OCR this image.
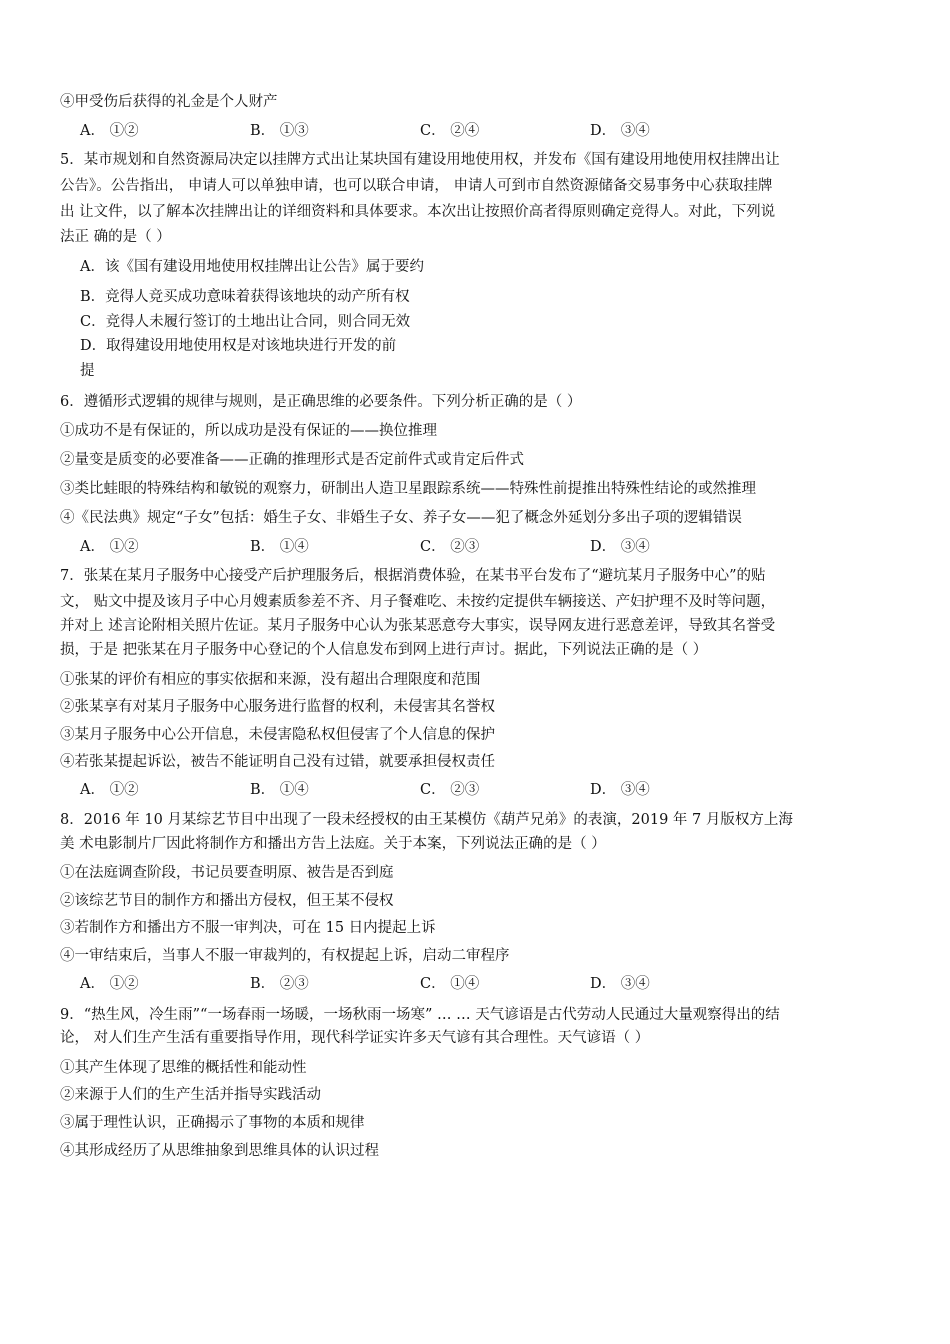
④甲受伤后获得的礼金是个人财产
A． ①②	B． ①③	C． ②④	D． ③④
5．某市规划和自然资源局决定以挂牌方式出让某块国有建设用地使用权，并发布《国有建设用地使用权挂牌出让
公告》。公告指出， 申请人可以单独申请，也可以联合申请， 申请人可到市自然资源储备交易事务中心获取挂牌
出 让文件，以了解本次挂牌出让的详细资料和具体要求。本次出让按照价高者得原则确定竞得人。对此，下列说
法正 确的是（ ）
A．该《国有建设用地使用权挂牌出让公告》属于要约
B．竞得人竞买成功意味着获得该地块的动产所有权
C．竞得人未履行签订的土地出让合同，则合同无效
D．取得建设用地使用权是对该地块进行开发的前
提
6．遵循形式逻辑的规律与规则，是正确思维的必要条件。下列分析正确的是（ ）
①成功不是有保证的，所以成功是没有保证的——换位推理
②量变是质变的必要准备——正确的推理形式是否定前件式或肯定后件式
③类比蛙眼的特殊结构和敏锐的观察力，研制出人造卫星跟踪系统——特殊性前提推出特殊性结论的或然推理
④《民法典》规定“子女”包括：婚生子女、非婚生子女、养子女——犯了概念外延划分多出子项的逻辑错误
A． ①②	B． ①④	C． ②③	D． ③④
7．张某在某月子服务中心接受产后护理服务后，根据消费体验，在某书平台发布了“避坑某月子服务中心”的贴
文， 贴文中提及该月子中心月嫂素质参差不齐、月子餐难吃、未按约定提供车辆接送、产妇护理不及时等问题，
并对上 述言论附相关照片佐证。某月子服务中心认为张某恶意夸大事实，误导网友进行恶意差评，导致其名誉受
损，于是 把张某在月子服务中心登记的个人信息发布到网上进行声讨。据此，下列说法正确的是（ ）
①张某的评价有相应的事实依据和来源，没有超出合理限度和范围
②张某享有对某月子服务中心服务进行监督的权利，未侵害其名誉权
③某月子服务中心公开信息，未侵害隐私权但侵害了个人信息的保护
④若张某提起诉讼，被告不能证明自己没有过错，就要承担侵权责任
A． ①②	B． ①④	C． ②③	D． ③④
8．2016 年 10 月某综艺节目中出现了一段未经授权的由王某模仿《葫芦兄弟》的表演，2019 年 7 月版权方上海
美 术电影制片厂因此将制作方和播出方告上法庭。关于本案，下列说法正确的是（ ）
①在法庭调查阶段，书记员要查明原、被告是否到庭
②该综艺节目的制作方和播出方侵权，但王某不侵权
③若制作方和播出方不服一审判决，可在 15 日内提起上诉
④一审结束后，当事人不服一审裁判的，有权提起上诉，启动二审程序
A． ①②	B． ②③	C． ①④	D． ③④
9．“热生风，冷生雨”“一场春雨一场暖，一场秋雨一场寒” … … 天气谚语是古代劳动人民通过大量观察得出的结
论， 对人们生产生活有重要指导作用，现代科学证实许多天气谚有其合理性。天气谚语（ ）
①其产生体现了思维的概括性和能动性
②来源于人们的生产生活并指导实践活动
③属于理性认识，正确揭示了事物的本质和规律
④其形成经历了从思维抽象到思维具体的认识过程
